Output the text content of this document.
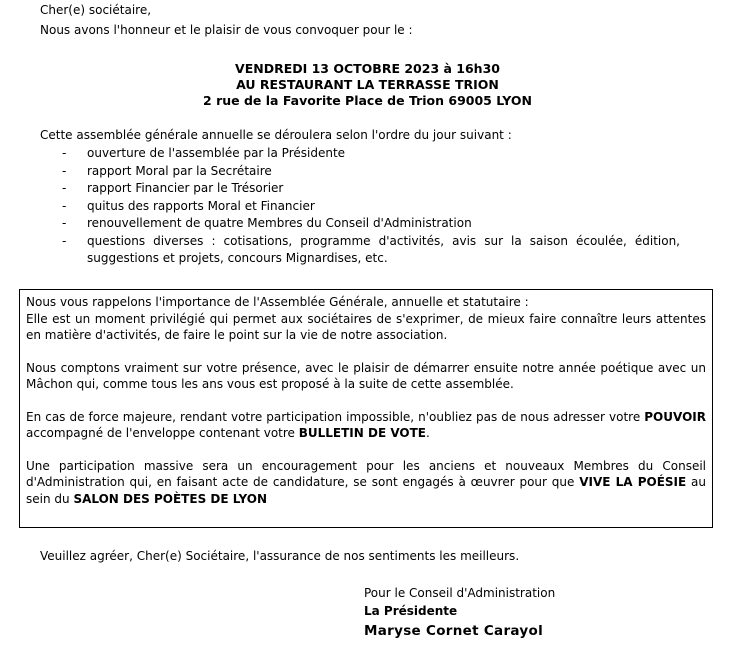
Cher(e) sociétaire,
Nous avons l'honneur et le plaisir de vous convoquer pour le :
VENDREDI 13 OCTOBRE 2023 à 16h30
AU RESTAURANT LA TERRASSE TRION
2 rue de la Favorite Place de Trion 69005 LYON
Cette assemblée générale annuelle se déroulera selon l'ordre du jour suivant :
- ouverture de l'assemblée par la Présidente
- rapport Moral par la Secrétaire
- rapport Financier par le Trésorier
- quitus des rapports Moral et Financier
- renouvellement de quatre Membres du Conseil d'Administration
- questions diverses : cotisations, programme d'activités, avis sur la saison écoulée, édition, suggestions et projets, concours Mignardises, etc.

Nous vous rappelons l'importance de l'Assemblée Générale, annuelle et statutaire :
Elle est un moment privilégié qui permet aux sociétaires de s'exprimer, de mieux faire connaître leurs attentes en matière d'activités, de faire le point sur la vie de notre association.

Nous comptons vraiment sur votre présence, avec le plaisir de démarrer ensuite notre année poétique avec un Mâchon qui, comme tous les ans vous est proposé à la suite de cette assemblée.

En cas de force majeure, rendant votre participation impossible, n'oubliez pas de nous adresser votre POUVOIR accompagné de l'enveloppe contenant votre BULLETIN DE VOTE.

Une participation massive sera un encouragement pour les anciens et nouveaux Membres du Conseil d'Administration qui, en faisant acte de candidature, se sont engagés à œuvrer pour que VIVE LA POÉSIE au sein du SALON DES POÈTES DE LYON

Veuillez agréer, Cher(e) Sociétaire, l'assurance de nos sentiments les meilleurs.
Pour le Conseil d'Administration
La Présidente
Maryse Cornet Carayol
